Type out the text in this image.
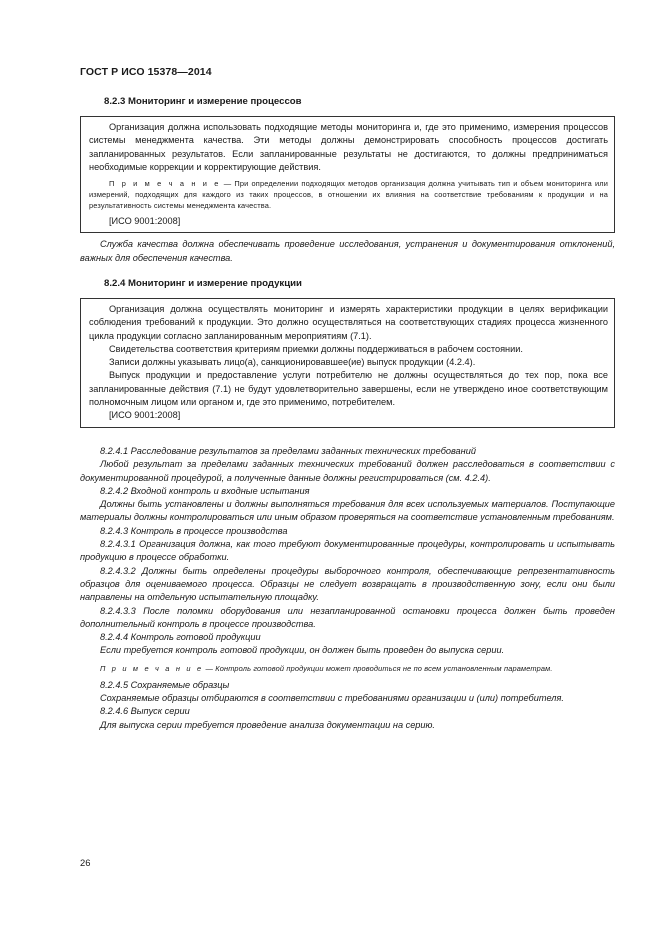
ГОСТ Р ИСО 15378—2014

8.2.3 Мониторинг и измерение процессов

Организация должна использовать подходящие методы мониторинга и, где это применимо, измерения процессов системы менеджмента качества. Эти методы должны демонстрировать способность процессов достигать запланированных результатов. Если запланированные результаты не достигаются, то должны предприниматься необходимые коррекции и корректирующие действия.

П р и м е ч а н и е — При определении подходящих методов организация должна учитывать тип и объем мониторинга или измерений, подходящих для каждого из таких процессов, в отношении их влияния на соответствие требованиям к продукции и на результативность системы менеджмента качества.

[ИСО 9001:2008]

Служба качества должна обеспечивать проведение исследования, устранения и документирования отклонений, важных для обеспечения качества.

8.2.4 Мониторинг и измерение продукции

Организация должна осуществлять мониторинг и измерять характеристики продукции в целях верификации соблюдения требований к продукции. Это должно осуществляться на соответствующих стадиях процесса жизненного цикла продукции согласно запланированным мероприятиям (7.1).

Свидетельства соответствия критериям приемки должны поддерживаться в рабочем состоянии.

Записи должны указывать лицо(а), санкционировавшее(ие) выпуск продукции (4.2.4).

Выпуск продукции и предоставление услуги потребителю не должны осуществляться до тех пор, пока все запланированные действия (7.1) не будут удовлетворительно завершены, если не утверждено иное соответствующим полномочным лицом или органом и, где это применимо, потребителем.

[ИСО 9001:2008]

8.2.4.1 Расследование результатов за пределами заданных технических требований

Любой результат за пределами заданных технических требований должен расследоваться в соответствии с документированной процедурой, а полученные данные должны регистрироваться (см. 4.2.4).

8.2.4.2 Входной контроль и входные испытания

Должны быть установлены и должны выполняться требования для всех используемых материалов. Поступающие материалы должны контролироваться или иным образом проверяться на соответствие установленным требованиям.

8.2.4.3 Контроль в процессе производства

8.2.4.3.1 Организация должна, как того требуют документированные процедуры, контролировать и испытывать продукцию в процессе обработки.

8.2.4.3.2 Должны быть определены процедуры выборочного контроля, обеспечивающие репрезентативность образцов для оцениваемого процесса. Образцы не следует возвращать в производственную зону, если они были направлены на отдельную испытательную площадку.

8.2.4.3.3 После поломки оборудования или незапланированной остановки процесса должен быть проведен дополнительный контроль в процессе производства.

8.2.4.4 Контроль готовой продукции

Если требуется контроль готовой продукции, он должен быть проведен до выпуска серии.

П р и м е ч а н и е — Контроль готовой продукции может проводиться не по всем установленным параметрам.

8.2.4.5 Сохраняемые образцы

Сохраняемые образцы отбираются в соответствии с требованиями организации и (или) потребителя.

8.2.4.6 Выпуск серии

Для выпуска серии требуется проведение анализа документации на серию.

26
